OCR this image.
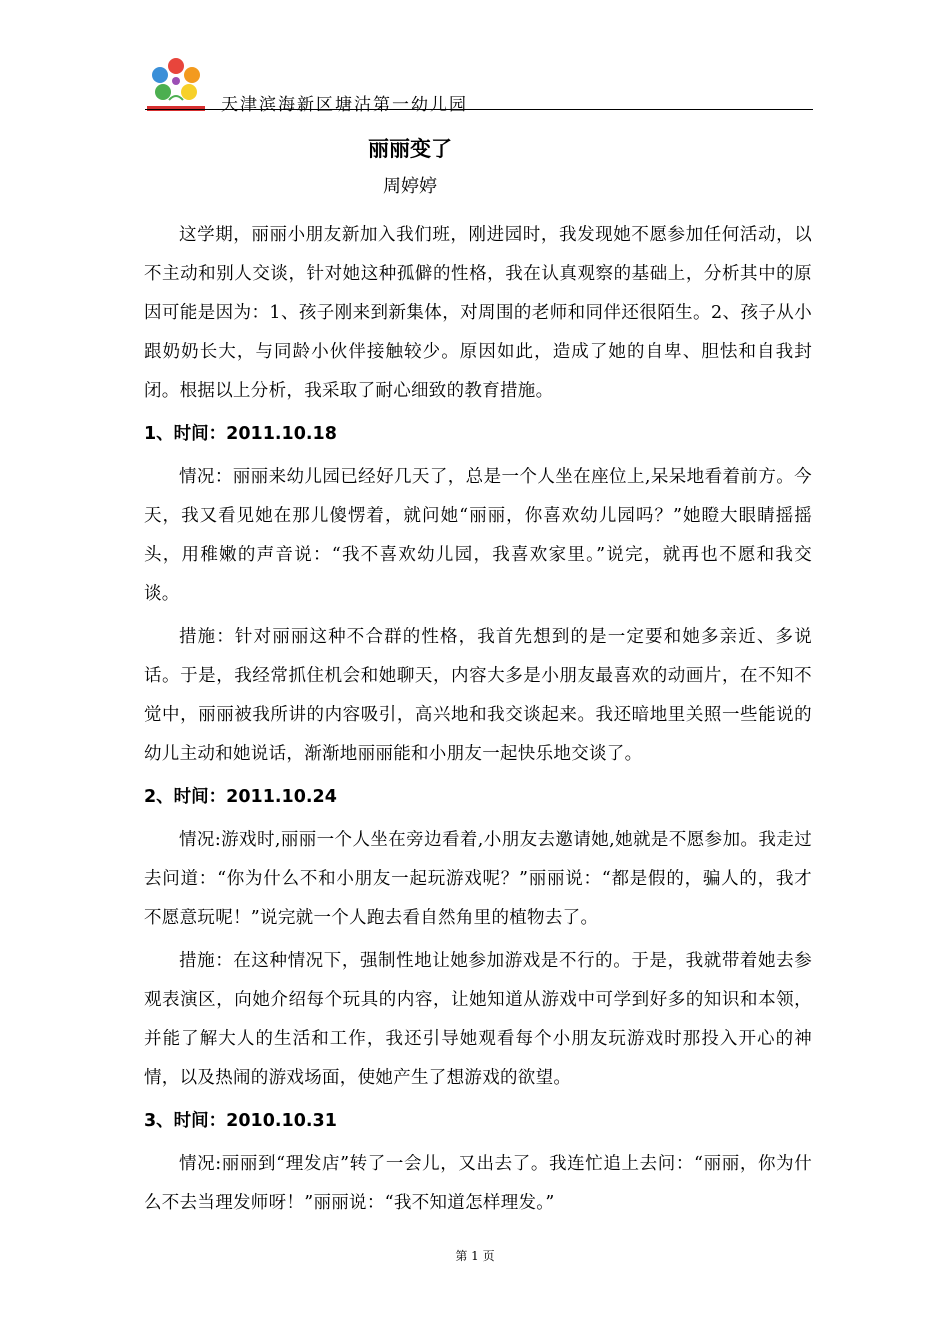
天津滨海新区塘沽第一幼儿园
丽丽变了
周婷婷

这学期，丽丽小朋友新加入我们班，刚进园时，我发现她不愿参加任何活动，以不主动和别人交谈，针对她这种孤僻的性格，我在认真观察的基础上，分析其中的原因可能是因为：1、孩子刚来到新集体，对周围的老师和同伴还很陌生。2、孩子从小跟奶奶长大，与同龄小伙伴接触较少。原因如此，造成了她的自卑、胆怯和自我封闭。根据以上分析，我采取了耐心细致的教育措施。

1、时间：2011.10.18

情况：丽丽来幼儿园已经好几天了，总是一个人坐在座位上,呆呆地看着前方。今天，我又看见她在那儿傻愣着，就问她“丽丽，你喜欢幼儿园吗？”她瞪大眼睛摇摇头，用稚嫩的声音说：“我不喜欢幼儿园，我喜欢家里。”说完，就再也不愿和我交谈。

措施：针对丽丽这种不合群的性格，我首先想到的是一定要和她多亲近、多说话。于是，我经常抓住机会和她聊天，内容大多是小朋友最喜欢的动画片，在不知不觉中，丽丽被我所讲的内容吸引，高兴地和我交谈起来。我还暗地里关照一些能说的幼儿主动和她说话，渐渐地丽丽能和小朋友一起快乐地交谈了。

2、时间：2011.10.24

情况:游戏时,丽丽一个人坐在旁边看着,小朋友去邀请她,她就是不愿参加。我走过去问道：“你为什么不和小朋友一起玩游戏呢？”丽丽说：“都是假的，骗人的，我才不愿意玩呢！”说完就一个人跑去看自然角里的植物去了。

措施：在这种情况下，强制性地让她参加游戏是不行的。于是，我就带着她去参观表演区，向她介绍每个玩具的内容，让她知道从游戏中可学到好多的知识和本领，并能了解大人的生活和工作，我还引导她观看每个小朋友玩游戏时那投入开心的神情，以及热闹的游戏场面，使她产生了想游戏的欲望。

3、时间：2010.10.31

情况:丽丽到“理发店”转了一会儿，又出去了。我连忙追上去问：“丽丽，你为什么不去当理发师呀！”丽丽说：“我不知道怎样理发。”

第 1 页
